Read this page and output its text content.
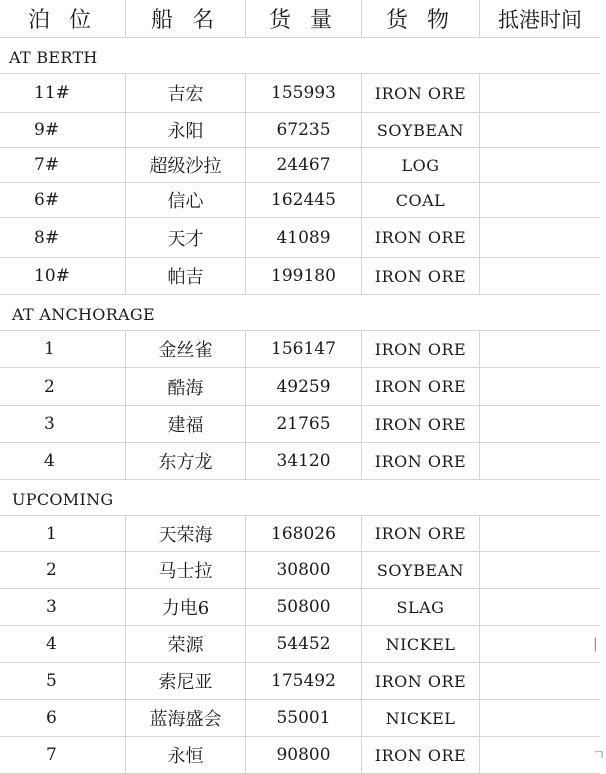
泊 位	船 名	货 量	货 物	抵港时间
AT BERTH
11#	吉宏	155993	IRON ORE
9#	永阳	67235	SOYBEAN
7#	超级沙拉	24467	LOG
6#	信心	162445	COAL
8#	天才	41089	IRON ORE
10#	帕吉	199180	IRON ORE
AT ANCHORAGE
1	金丝雀	156147	IRON ORE
2	酷海	49259	IRON ORE
3	建福	21765	IRON ORE
4	东方龙	34120	IRON ORE
UPCOMING
1	天荣海	168026	IRON ORE
2	马士拉	30800	SOYBEAN
3	力电6	50800	SLAG
4	荣源	54452	NICKEL
5	索尼亚	175492	IRON ORE
6	蓝海盛会	55001	NICKEL
7	永恒	90800	IRON ORE
|
ㄱ
